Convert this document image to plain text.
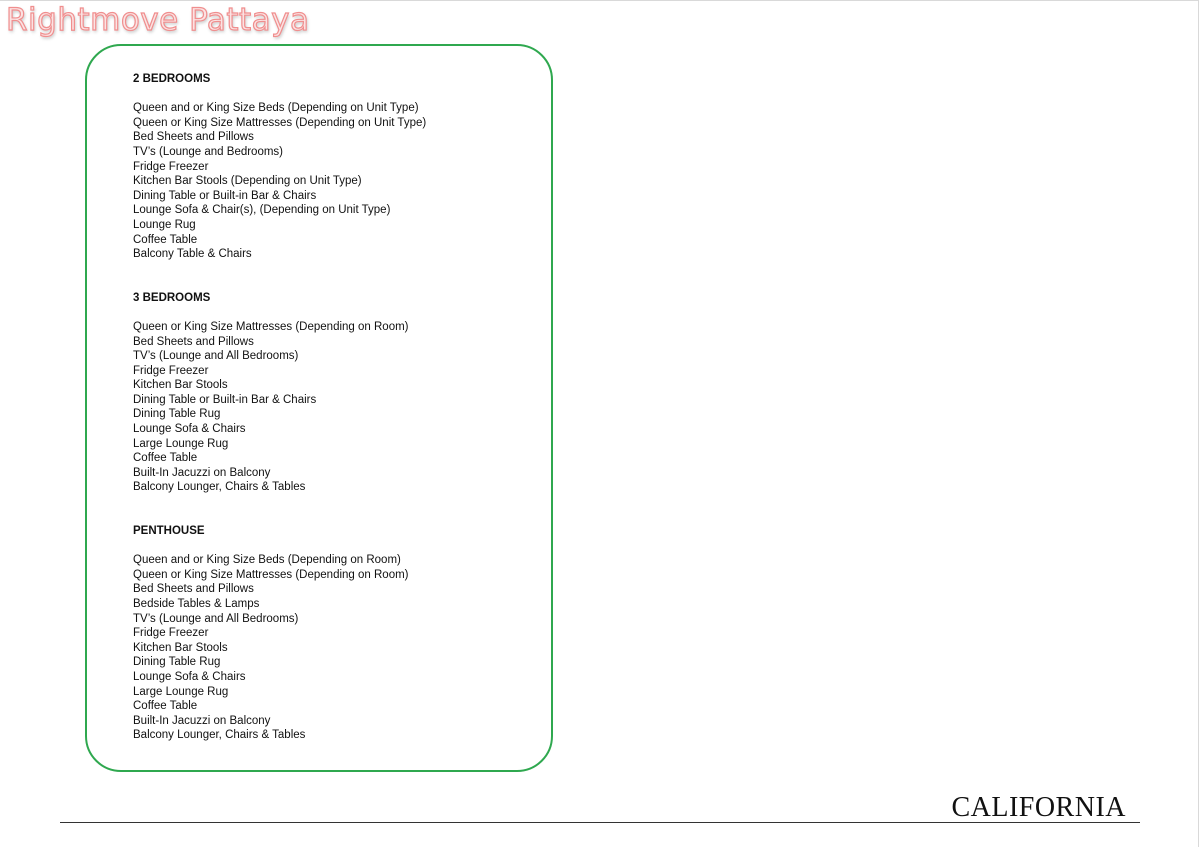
Rightmove Pattaya
2 BEDROOMS
Queen and or King Size Beds (Depending on Unit Type)
Queen or King Size Mattresses (Depending on Unit Type)
Bed Sheets and Pillows
TV’s (Lounge and Bedrooms)
Fridge Freezer
Kitchen Bar Stools (Depending on Unit Type)
Dining Table or Built-in Bar & Chairs
Lounge Sofa & Chair(s), (Depending on Unit Type)
Lounge Rug
Coffee Table
Balcony Table & Chairs
3 BEDROOMS
Queen or King Size Mattresses (Depending on Room)
Bed Sheets and Pillows
TV’s (Lounge and All Bedrooms)
Fridge Freezer
Kitchen Bar Stools
Dining Table or Built-in Bar & Chairs
Dining Table Rug
Lounge Sofa & Chairs
Large Lounge Rug
Coffee Table
Built-In Jacuzzi on Balcony
Balcony Lounger, Chairs & Tables
PENTHOUSE
Queen and or King Size Beds (Depending on Room)
Queen or King Size Mattresses (Depending on Room)
Bed Sheets and Pillows
Bedside Tables & Lamps
TV’s (Lounge and All Bedrooms)
Fridge Freezer
Kitchen Bar Stools
Dining Table Rug
Lounge Sofa & Chairs
Large Lounge Rug
Coffee Table
Built-In Jacuzzi on Balcony
Balcony Lounger, Chairs & Tables
CALIFORNIA
